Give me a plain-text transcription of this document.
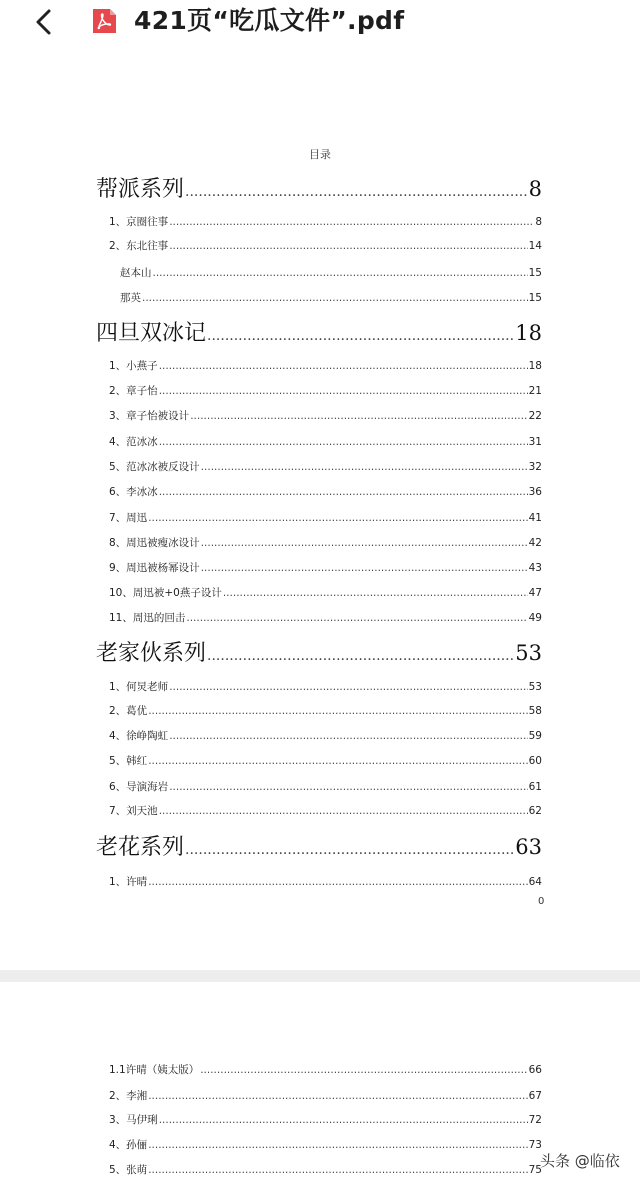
421页“吃瓜文件”.pdf
目录
帮派系列 .....	8
1、京圈往事 .....	8
2、东北往事 .....	14
赵本山 .....	15
那英 .....	15
四旦双冰记 .....	18
1、小燕子 .....	18
2、章子怡 .....	21
3、章子怡被设计 .....	22
4、范冰冰 .....	31
5、范冰冰被反设计 .....	32
6、李冰冰 .....	36
7、周迅 .....	41
8、周迅被瘦冰设计 .....	42
9、周迅被杨幂设计 .....	43
10、周迅被+0燕子设计 .....	47
11、周迅的回击 .....	49
老家伙系列 .....	53
1、何炅老师 .....	53
2、葛优 .....	58
4、徐峥陶虹 .....	59
5、韩红 .....	60
6、导演海岩 .....	61
7、刘天池 .....	62
老花系列 .....	63
1、许晴 .....	64
0
1.1许晴（姨太版） .....	66
2、李湘 .....	67
3、马伊琍 .....	72
4、孙俪 .....	73
5、张萌 .....	75
头条 @临依
